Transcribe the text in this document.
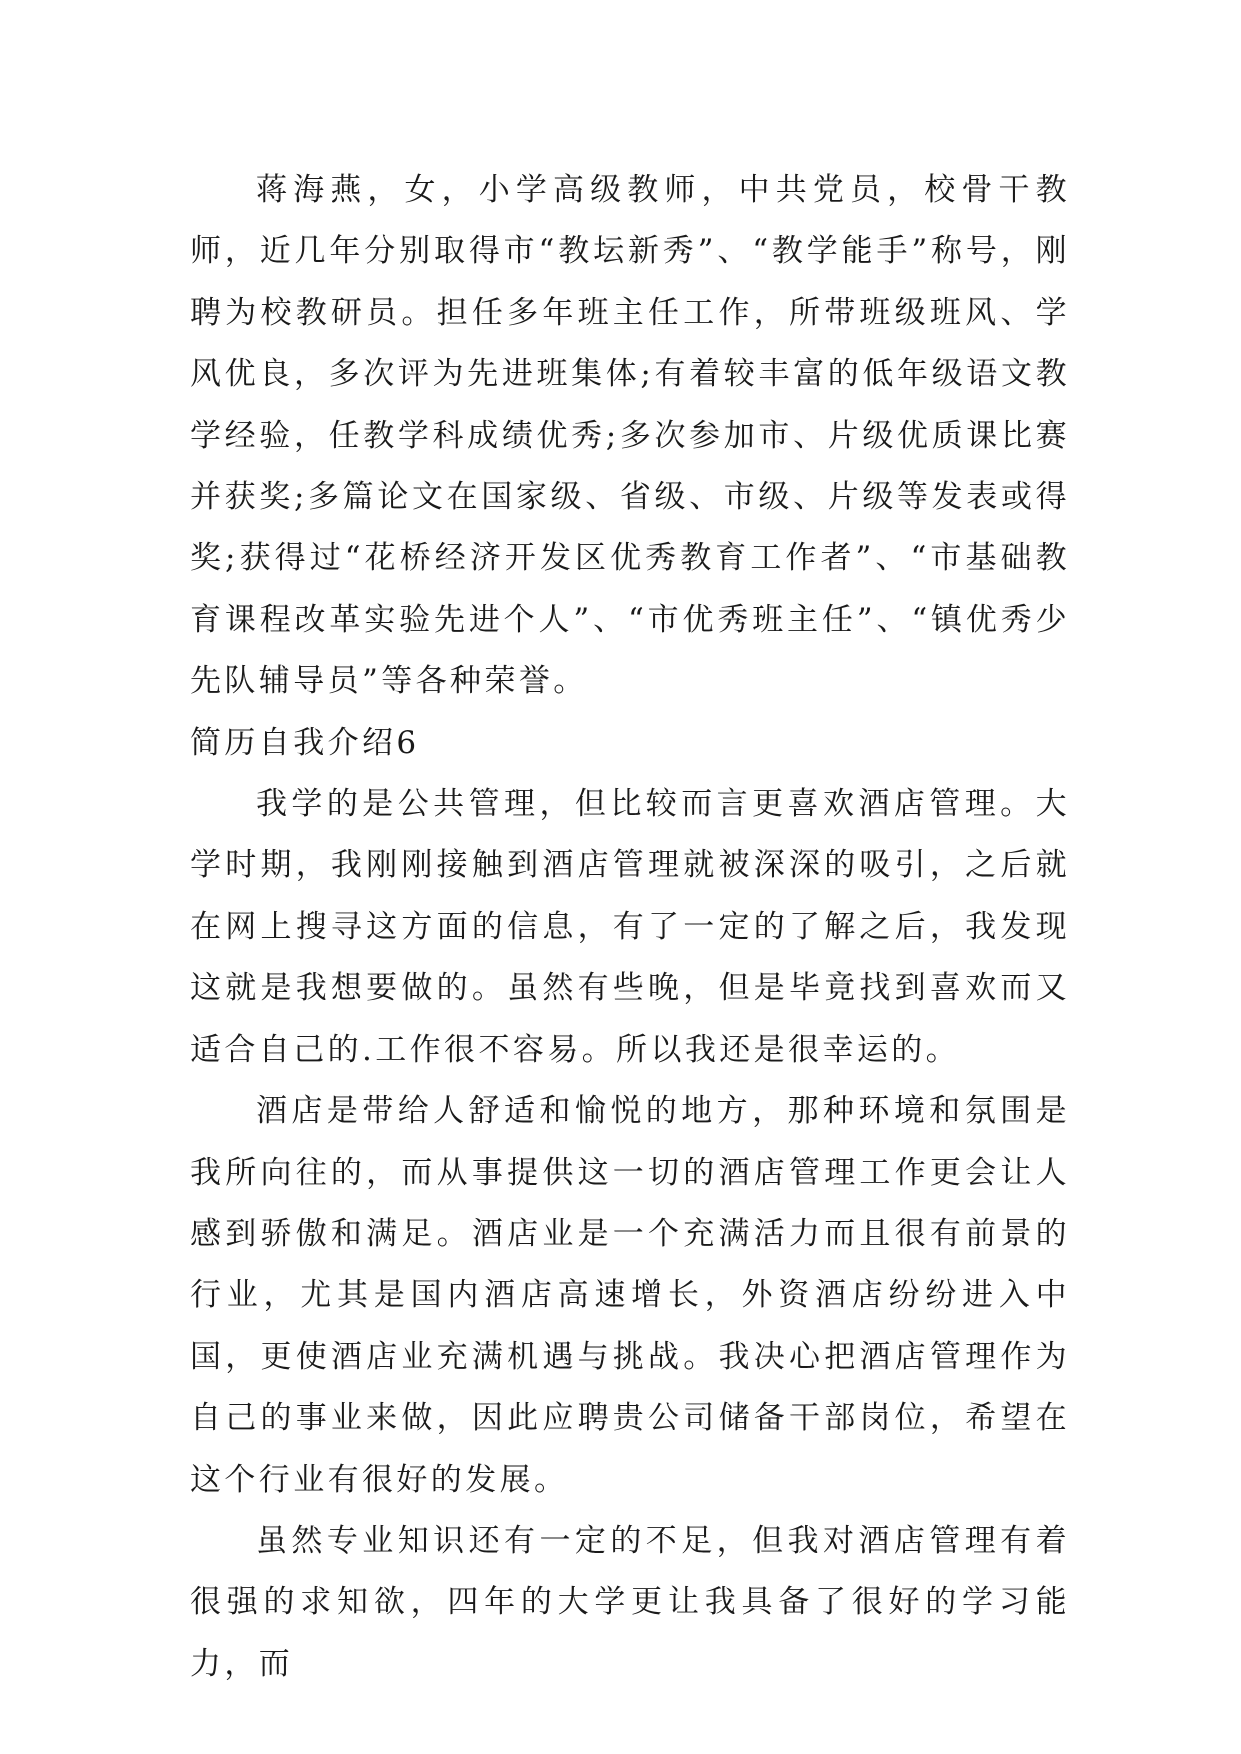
蒋海燕，女，小学高级教师，中共党员，校骨干教师，近几年分别取得市“教坛新秀”、“教学能手”称号，刚聘为校教研员。担任多年班主任工作，所带班级班风、学风优良，多次评为先进班集体;有着较丰富的低年级语文教学经验，任教学科成绩优秀;多次参加市、片级优质课比赛并获奖;多篇论文在国家级、省级、市级、片级等发表或得奖;获得过“花桥经济开发区优秀教育工作者”、“市基础教育课程改革实验先进个人”、“市优秀班主任”、“镇优秀少先队辅导员”等各种荣誉。

简历自我介绍6

我学的是公共管理，但比较而言更喜欢酒店管理。大学时期，我刚刚接触到酒店管理就被深深的吸引，之后就在网上搜寻这方面的信息，有了一定的了解之后，我发现这就是我想要做的。虽然有些晚，但是毕竟找到喜欢而又适合自己的.工作很不容易。所以我还是很幸运的。

酒店是带给人舒适和愉悦的地方，那种环境和氛围是我所向往的，而从事提供这一切的酒店管理工作更会让人感到骄傲和满足。酒店业是一个充满活力而且很有前景的行业，尤其是国内酒店高速增长，外资酒店纷纷进入中国，更使酒店业充满机遇与挑战。我决心把酒店管理作为自己的事业来做，因此应聘贵公司储备干部岗位，希望在这个行业有很好的发展。

虽然专业知识还有一定的不足，但我对酒店管理有着很强的求知欲，四年的大学更让我具备了很好的学习能力，而
